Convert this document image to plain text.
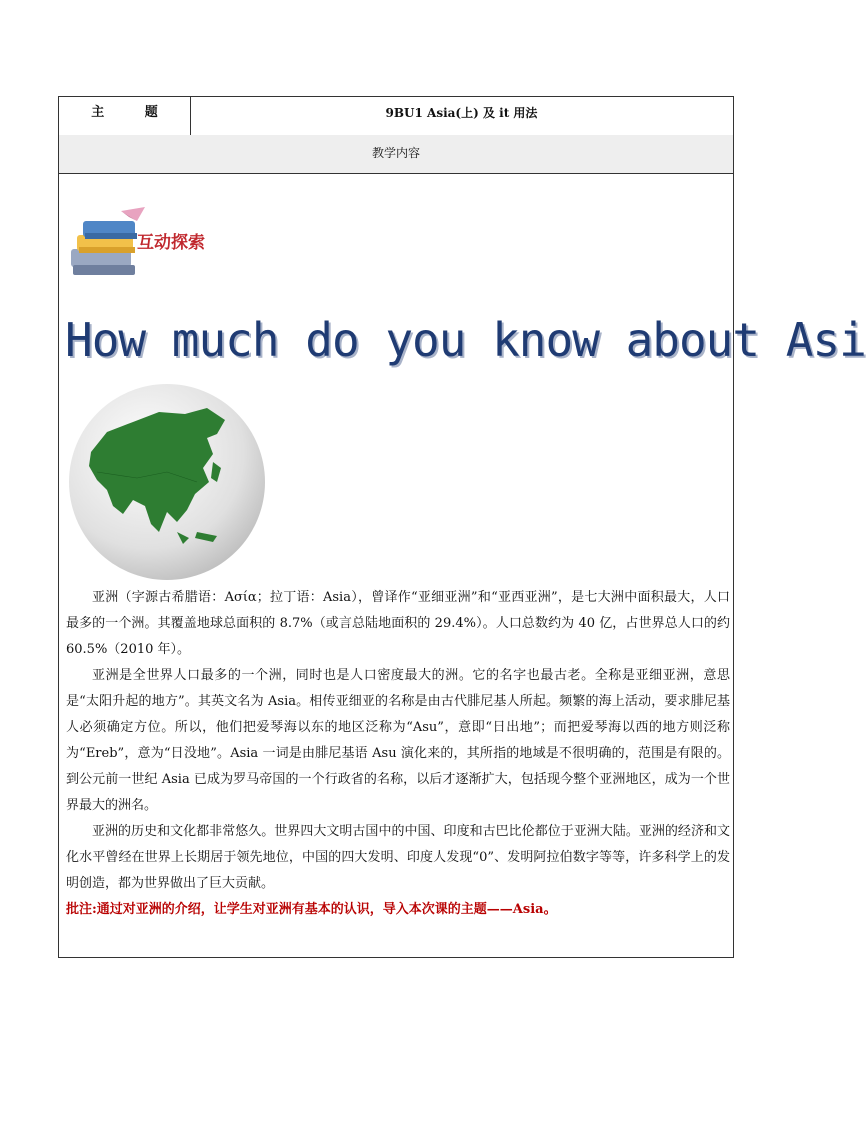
主 题	9BU1 Asia(上) 及 it 用法
教学内容
互动探索
How much do you know about Asi

亚洲（字源古希腊语：Aσία；拉丁语：Asia），曾译作“亚细亚洲”和“亚西亚洲”，是七大洲中面积最大，人口最多的一个洲。其覆盖地球总面积的 8.7%（或言总陆地面积的 29.4%）。人口总数约为 40 亿，占世界总人口的约 60.5%（2010 年）。

亚洲是全世界人口最多的一个洲，同时也是人口密度最大的洲。它的名字也最古老。全称是亚细亚洲，意思是“太阳升起的地方”。其英文名为 Asia。相传亚细亚的名称是由古代腓尼基人所起。频繁的海上活动，要求腓尼基人必须确定方位。所以，他们把爱琴海以东的地区泛称为“Asu”，意即“日出地”；而把爱琴海以西的地方则泛称为“Ereb”，意为“日没地”。Asia 一词是由腓尼基语 Asu 演化来的，其所指的地域是不很明确的，范围是有限的。到公元前一世纪 Asia 已成为罗马帝国的一个行政省的名称，以后才逐渐扩大，包括现今整个亚洲地区，成为一个世界最大的洲名。

亚洲的历史和文化都非常悠久。世界四大文明古国中的中国、印度和古巴比伦都位于亚洲大陆。亚洲的经济和文化水平曾经在世界上长期居于领先地位，中国的四大发明、印度人发现“0”、发明阿拉伯数字等等，许多科学上的发明创造，都为世界做出了巨大贡献。

批注:通过对亚洲的介绍，让学生对亚洲有基本的认识，导入本次课的主题——Asia。
